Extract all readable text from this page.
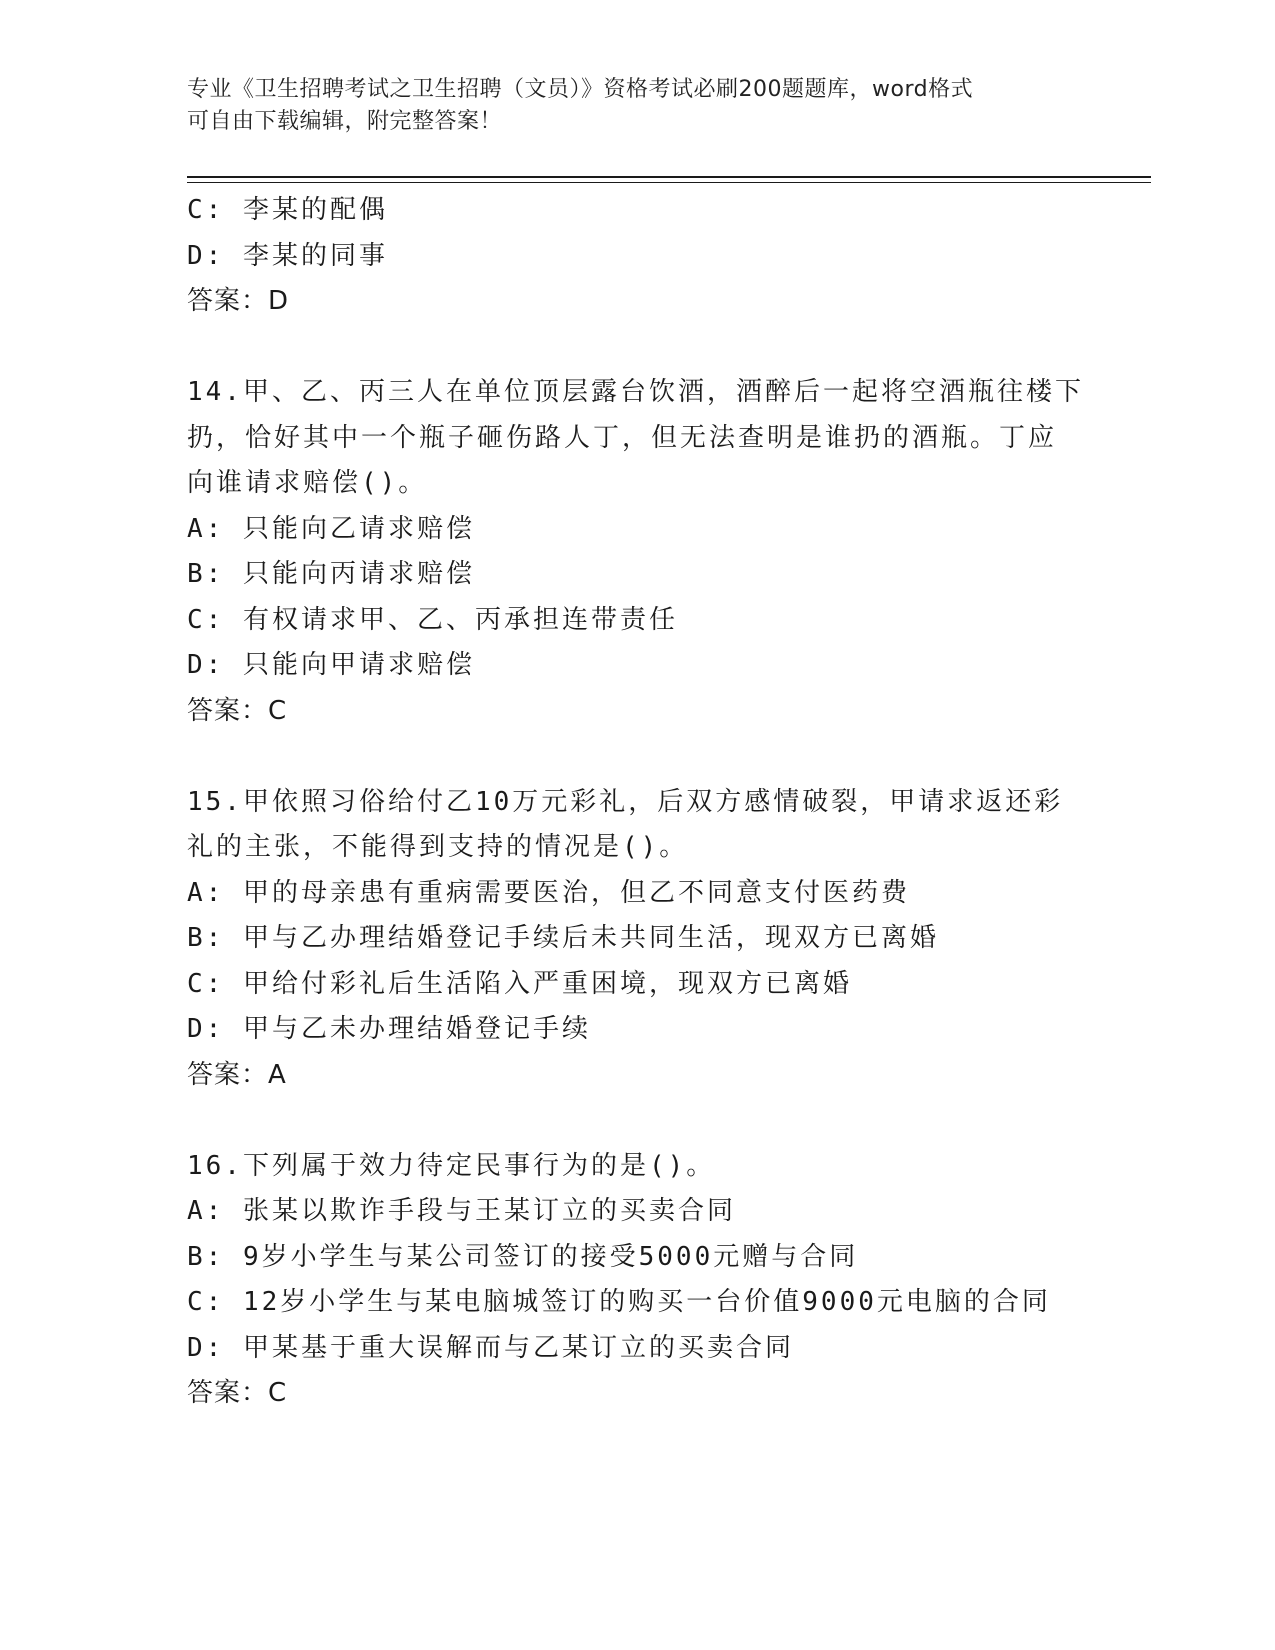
专业《卫生招聘考试之卫生招聘（文员）》资格考试必刷200题题库，word格式
可自由下载编辑，附完整答案！
C: 李某的配偶
D: 李某的同事
答案：D
14.甲、乙、丙三人在单位顶层露台饮酒，酒醉后一起将空酒瓶往楼下
扔，恰好其中一个瓶子砸伤路人丁，但无法查明是谁扔的酒瓶。丁应
向谁请求赔偿()。
A: 只能向乙请求赔偿
B: 只能向丙请求赔偿
C: 有权请求甲、乙、丙承担连带责任
D: 只能向甲请求赔偿
答案：C
15.甲依照习俗给付乙10万元彩礼，后双方感情破裂，甲请求返还彩
礼的主张，不能得到支持的情况是()。
A: 甲的母亲患有重病需要医治，但乙不同意支付医药费
B: 甲与乙办理结婚登记手续后未共同生活，现双方已离婚
C: 甲给付彩礼后生活陷入严重困境，现双方已离婚
D: 甲与乙未办理结婚登记手续
答案：A
16.下列属于效力待定民事行为的是()。
A: 张某以欺诈手段与王某订立的买卖合同
B: 9岁小学生与某公司签订的接受5000元赠与合同
C: 12岁小学生与某电脑城签订的购买一台价值9000元电脑的合同
D: 甲某基于重大误解而与乙某订立的买卖合同
答案：C
